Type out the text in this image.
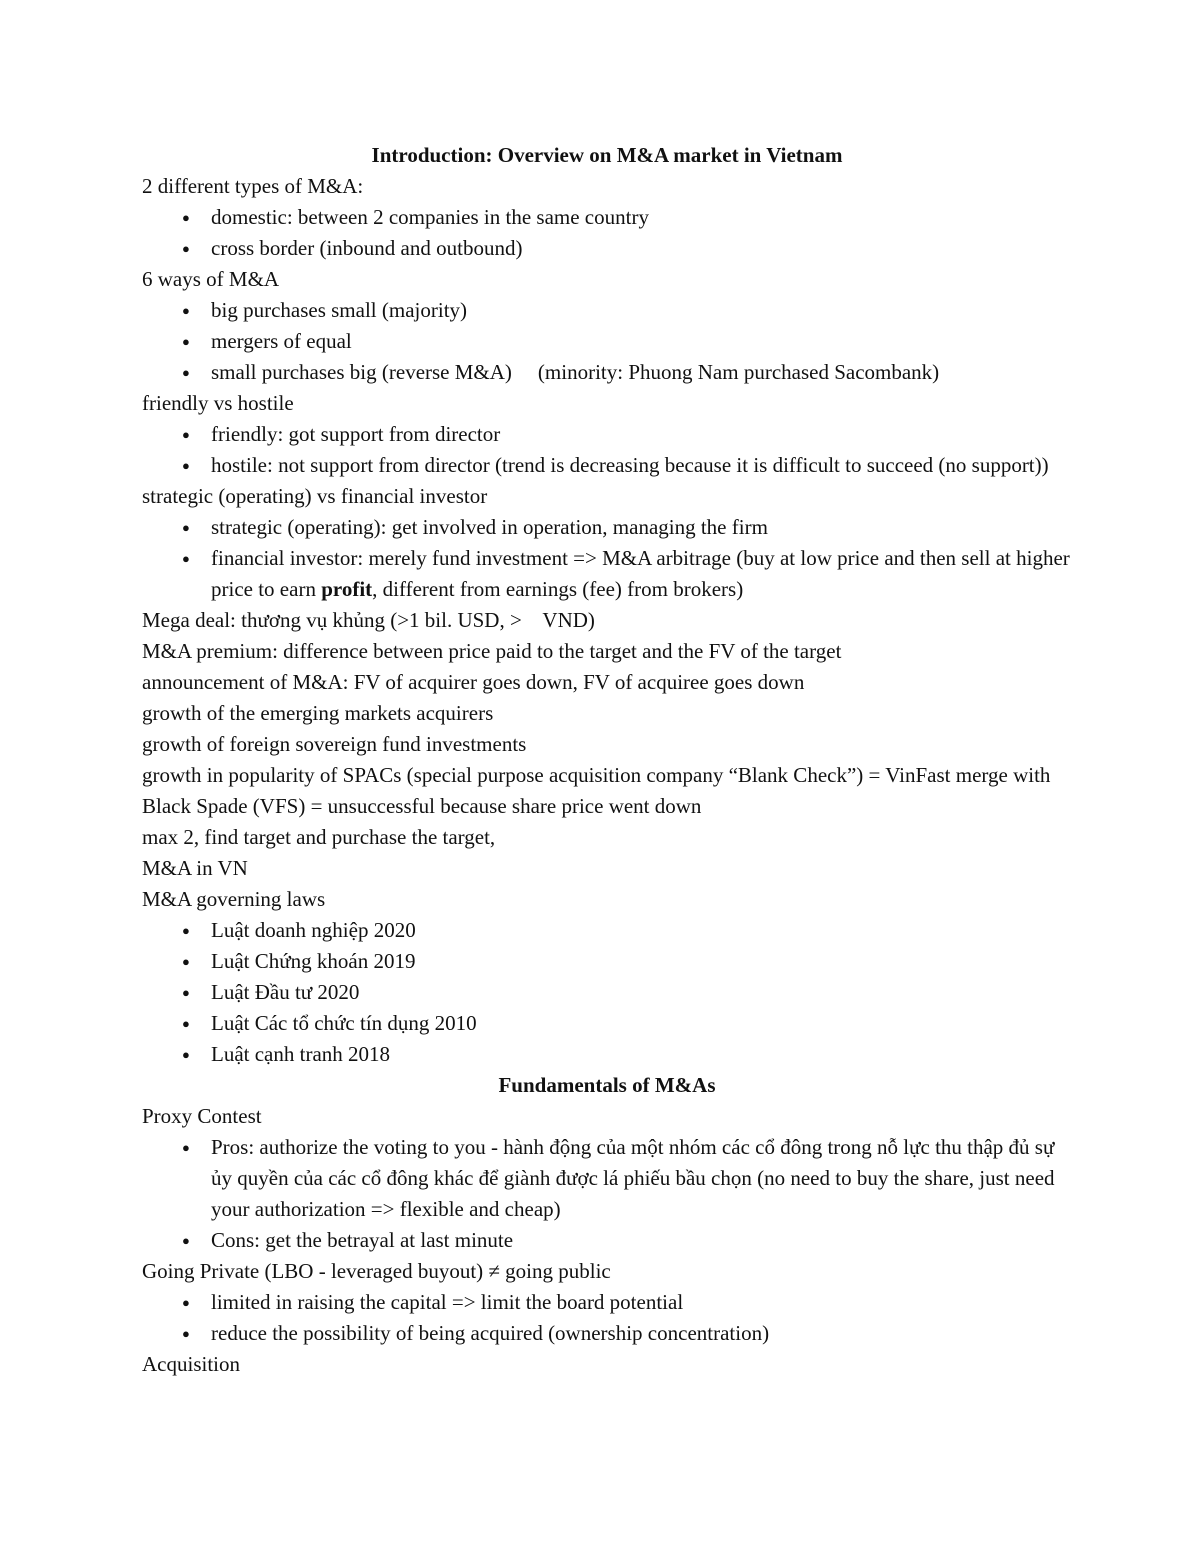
Introduction: Overview on M&A market in Vietnam
2 different types of M&A:
● domestic: between 2 companies in the same country
● cross border (inbound and outbound)
6 ways of M&A
● big purchases small (majority)
● mergers of equal
● small purchases big (reverse M&A) (minority: Phuong Nam purchased Sacombank)
friendly vs hostile
● friendly: got support from director
● hostile: not support from director (trend is decreasing because it is difficult to succeed (no support))
strategic (operating) vs financial investor
● strategic (operating): get involved in operation, managing the firm
● financial investor: merely fund investment => M&A arbitrage (buy at low price and then sell at higher price to earn profit, different from earnings (fee) from brokers)
Mega deal: thương vụ khủng (>1 bil. USD, >    VND)
M&A premium: difference between price paid to the target and the FV of the target
announcement of M&A: FV of acquirer goes down, FV of acquiree goes down
growth of the emerging markets acquirers
growth of foreign sovereign fund investments
growth in popularity of SPACs (special purpose acquisition company “Blank Check”) = VinFast merge with Black Spade (VFS) = unsuccessful because share price went down
max 2, find target and purchase the target,
M&A in VN
M&A governing laws
● Luật doanh nghiệp 2020
● Luật Chứng khoán 2019
● Luật Đầu tư 2020
● Luật Các tổ chức tín dụng 2010
● Luật cạnh tranh 2018
Fundamentals of M&As
Proxy Contest
● Pros: authorize the voting to you - hành động của một nhóm các cổ đông trong nỗ lực thu thập đủ sự ủy quyền của các cổ đông khác để giành được lá phiếu bầu chọn (no need to buy the share, just need your authorization => flexible and cheap)
● Cons: get the betrayal at last minute
Going Private (LBO - leveraged buyout) ≠ going public
● limited in raising the capital => limit the board potential
● reduce the possibility of being acquired (ownership concentration)
Acquisition
